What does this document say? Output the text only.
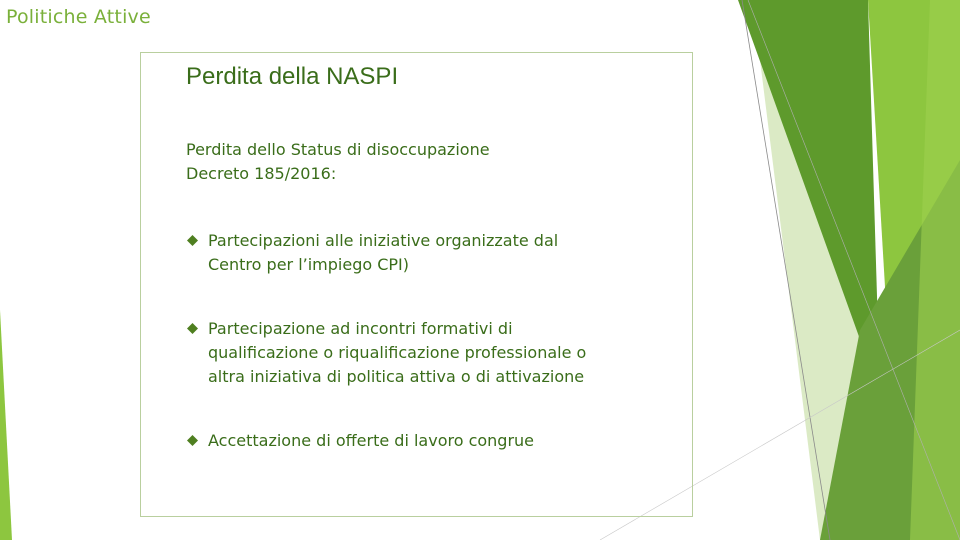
Politiche Attive
Perdita della NASPI
Perdita dello Status di disoccupazione
Decreto 185/2016:
Partecipazioni alle iniziative organizzate dal
Centro per l’impiego CPI)
Partecipazione ad incontri formativi di
qualificazione o riqualificazione professionale o
altra iniziativa di politica attiva o di attivazione
Accettazione di offerte di lavoro congrue
